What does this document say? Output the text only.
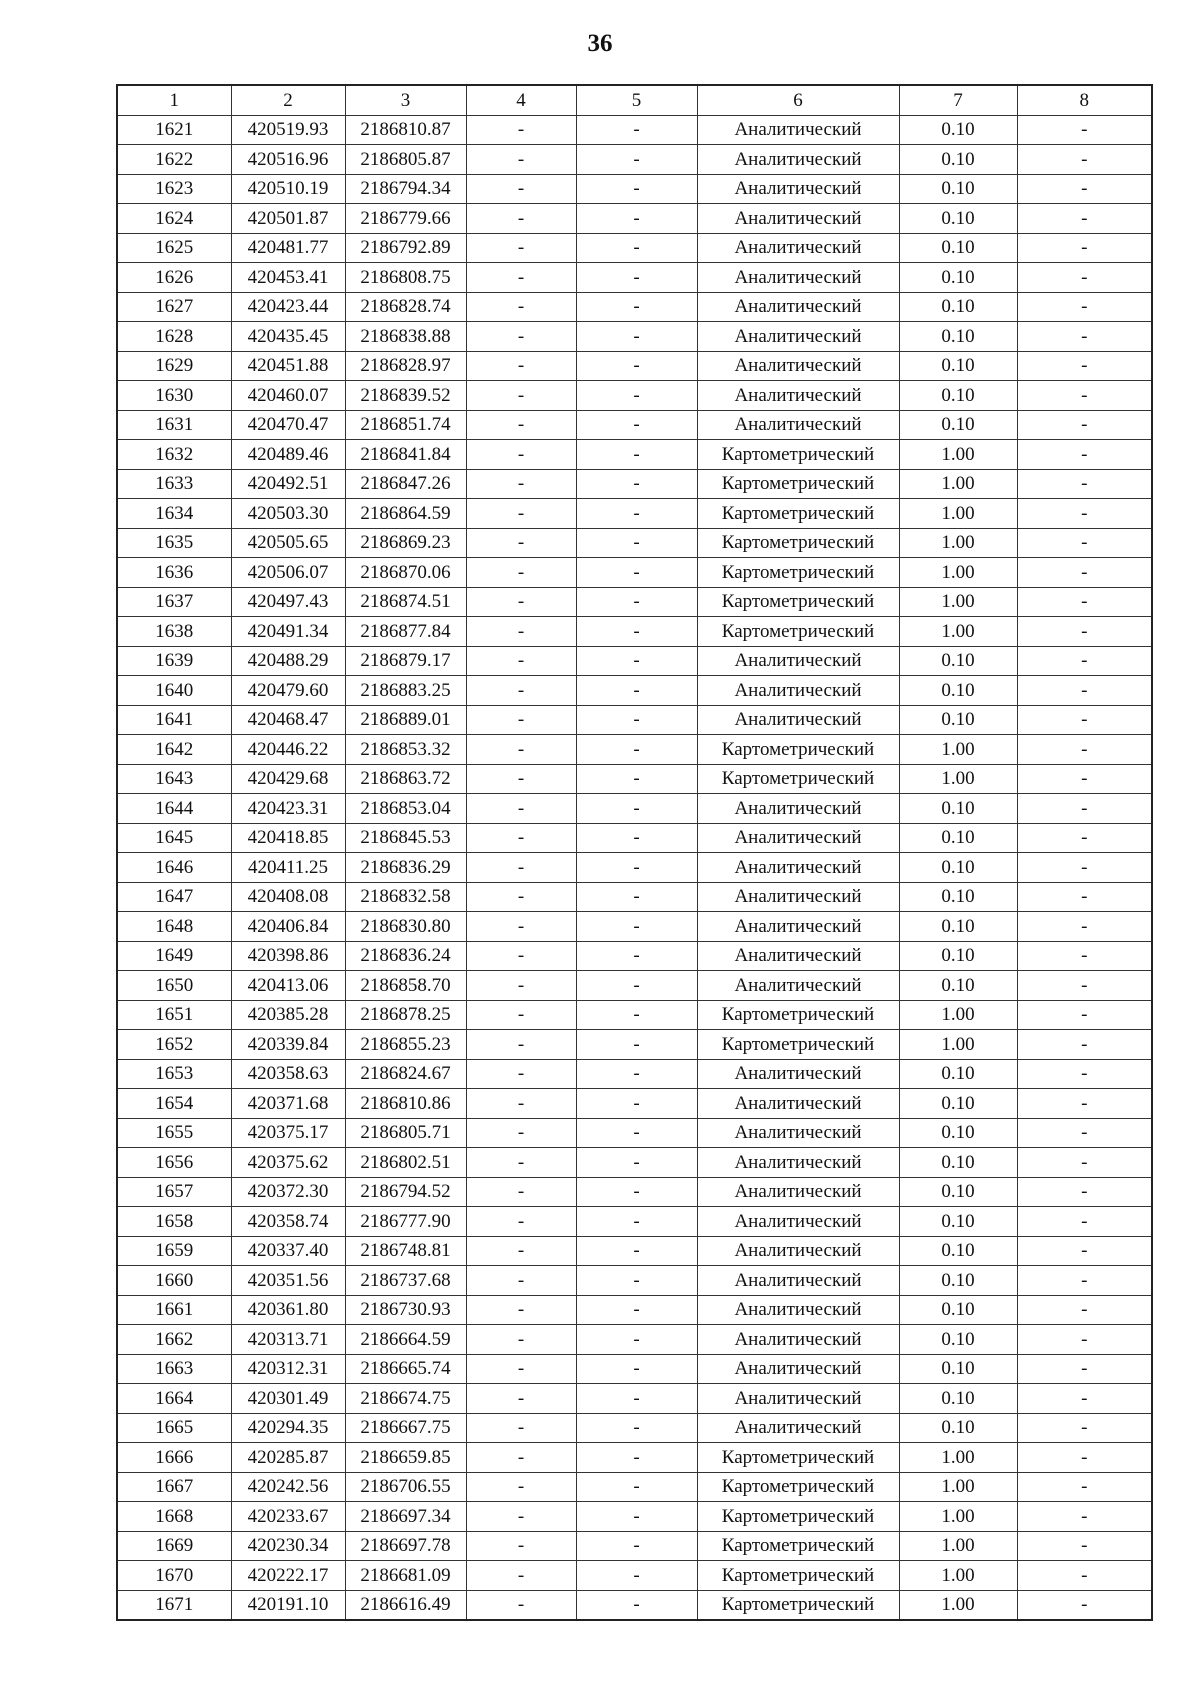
36
1	2	3	4	5	6	7	8
1621	420519.93	2186810.87	-	-	Аналитический	0.10	-
1622	420516.96	2186805.87	-	-	Аналитический	0.10	-
1623	420510.19	2186794.34	-	-	Аналитический	0.10	-
1624	420501.87	2186779.66	-	-	Аналитический	0.10	-
1625	420481.77	2186792.89	-	-	Аналитический	0.10	-
1626	420453.41	2186808.75	-	-	Аналитический	0.10	-
1627	420423.44	2186828.74	-	-	Аналитический	0.10	-
1628	420435.45	2186838.88	-	-	Аналитический	0.10	-
1629	420451.88	2186828.97	-	-	Аналитический	0.10	-
1630	420460.07	2186839.52	-	-	Аналитический	0.10	-
1631	420470.47	2186851.74	-	-	Аналитический	0.10	-
1632	420489.46	2186841.84	-	-	Картометрический	1.00	-
1633	420492.51	2186847.26	-	-	Картометрический	1.00	-
1634	420503.30	2186864.59	-	-	Картометрический	1.00	-
1635	420505.65	2186869.23	-	-	Картометрический	1.00	-
1636	420506.07	2186870.06	-	-	Картометрический	1.00	-
1637	420497.43	2186874.51	-	-	Картометрический	1.00	-
1638	420491.34	2186877.84	-	-	Картометрический	1.00	-
1639	420488.29	2186879.17	-	-	Аналитический	0.10	-
1640	420479.60	2186883.25	-	-	Аналитический	0.10	-
1641	420468.47	2186889.01	-	-	Аналитический	0.10	-
1642	420446.22	2186853.32	-	-	Картометрический	1.00	-
1643	420429.68	2186863.72	-	-	Картометрический	1.00	-
1644	420423.31	2186853.04	-	-	Аналитический	0.10	-
1645	420418.85	2186845.53	-	-	Аналитический	0.10	-
1646	420411.25	2186836.29	-	-	Аналитический	0.10	-
1647	420408.08	2186832.58	-	-	Аналитический	0.10	-
1648	420406.84	2186830.80	-	-	Аналитический	0.10	-
1649	420398.86	2186836.24	-	-	Аналитический	0.10	-
1650	420413.06	2186858.70	-	-	Аналитический	0.10	-
1651	420385.28	2186878.25	-	-	Картометрический	1.00	-
1652	420339.84	2186855.23	-	-	Картометрический	1.00	-
1653	420358.63	2186824.67	-	-	Аналитический	0.10	-
1654	420371.68	2186810.86	-	-	Аналитический	0.10	-
1655	420375.17	2186805.71	-	-	Аналитический	0.10	-
1656	420375.62	2186802.51	-	-	Аналитический	0.10	-
1657	420372.30	2186794.52	-	-	Аналитический	0.10	-
1658	420358.74	2186777.90	-	-	Аналитический	0.10	-
1659	420337.40	2186748.81	-	-	Аналитический	0.10	-
1660	420351.56	2186737.68	-	-	Аналитический	0.10	-
1661	420361.80	2186730.93	-	-	Аналитический	0.10	-
1662	420313.71	2186664.59	-	-	Аналитический	0.10	-
1663	420312.31	2186665.74	-	-	Аналитический	0.10	-
1664	420301.49	2186674.75	-	-	Аналитический	0.10	-
1665	420294.35	2186667.75	-	-	Аналитический	0.10	-
1666	420285.87	2186659.85	-	-	Картометрический	1.00	-
1667	420242.56	2186706.55	-	-	Картометрический	1.00	-
1668	420233.67	2186697.34	-	-	Картометрический	1.00	-
1669	420230.34	2186697.78	-	-	Картометрический	1.00	-
1670	420222.17	2186681.09	-	-	Картометрический	1.00	-
1671	420191.10	2186616.49	-	-	Картометрический	1.00	-
